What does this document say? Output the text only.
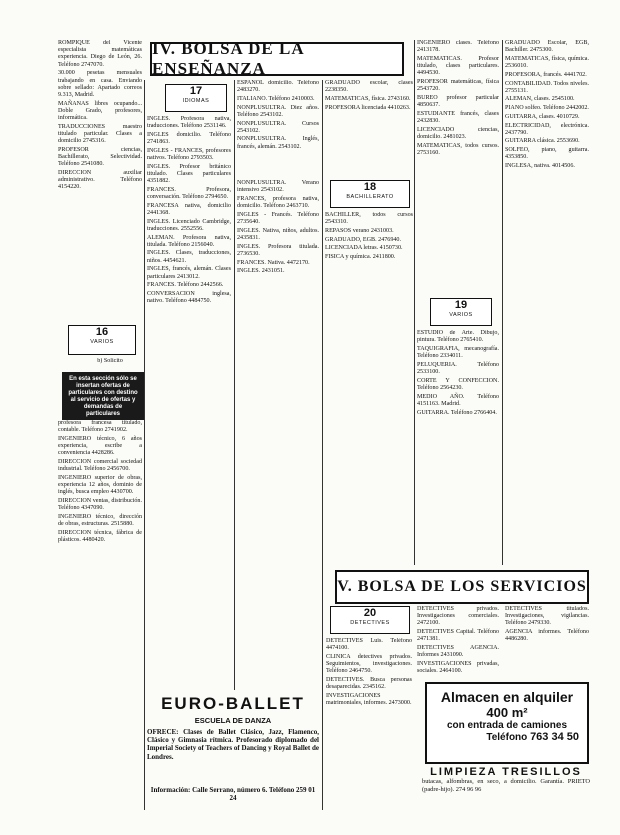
ROMPIQUE del Vicente especialista matemáticas experiencia. Diego de León, 26. Teléfono 2747070.

30.000 pesetas mensuales trabajando en casa. Enviando sobre sellado: Apartado correos 9.313, Madrid.

MAÑANAS libres ocupando... Doble Grado, profesores, informática.

TRADUCCIONES maestro titulado particular. Clases a domicilio 2745316.

PROFESOR ciencias, Bachillerato, Selectividad. Teléfono 2541080.

DIRECCION auxiliar administrativo. Teléfono 4154220.

16
VARIOS
b) Solicito
En esta sección sólo se insertan ofertas de particulares con destino al servicio de ofertas y demandas de particulares

profesora francesa titulado, contable. Teléfono 2741902.

INGENIERO técnico, 6 años experiencia, escribe a conveniencia 4428286.

DIRECCION comercial sociedad industrial. Teléfono 2456700.

INGENIERO superior de obras, experiencia 12 años, dominio de inglés, busca empleo 4430700.

DIRECCION ventas, distribución. Teléfono 4347090.

INGENIERO técnico, dirección de obras, estructuras. 2515880.

DIRECCION técnica, fábrica de plásticos. 4480420.

IV. BOLSA DE LA ENSEÑANZA
17
IDIOMAS

INGLES. Profesora nativa, traducciones. Teléfono 2531146.

INGLES domicilio. Teléfono 2741863.

INGLES - FRANCES, profesores nativos. Teléfono 2793503.

INGLES. Profesor británico titulado. Clases particulares 4351882.

FRANCES. Profesora, conversación. Teléfono 2794650.

FRANCESA nativa, domicilio 2441368.

INGLES. Licenciado Cambridge, traducciones. 2552556.

ALEMAN. Profesora nativa, titulada. Teléfono 2156040.

INGLES. Clases, traducciones, niños. 4454621.

INGLES, francés, alemán. Clases particulares 2413012.

FRANCES. Teléfono 2442566.

CONVERSACION inglesa, nativo. Teléfono 4484750.

ESPAÑOL domicilio. Teléfono 2483270.

ITALIANO. Teléfono 2410003.

NONPLUSULTRA. Diez años. Teléfono 2543102.

NONPLUSULTRA. Cursos 2543102.

NONPLUSULTRA. Inglés, francés, alemán. 2543102.

NONPLUSULTRA. Verano intensivo 2543102.

FRANCES, profesora nativa, domicilio. Teléfono 2463710.

INGLES - Francés. Teléfono 2735640.

INGLES. Nativa, niños, adultos. 2435831.

INGLES. Profesora titulada. 2736530.

FRANCES. Nativa. 4472170.

INGLES. 2431051.

18
BACHILLERATO

GRADUADO escolar, clases 2238350.

MATEMATICAS, física. 2743160.

PROFESORA licenciada 4410263.

BACHILLER, todos cursos 2543310.

REPASOS verano 2431003.

GRADUADO, EGB. 2476940.

LICENCIADA letras. 4150730.

FISICA y química. 2411800.

INGENIERO clases. Teléfono 2413178.

MATEMATICAS. Profesor titulado, clases particulares. 4494530.

PROFESOR matemáticas, física 2543720.

BUREO profesor particular 4850637.

ESTUDIANTE francés, clases 2432830.

LICENCIADO ciencias, domicilio. 2481023.

MATEMATICAS, todos cursos. 2753160.

19
VARIOS

ESTUDIO de Arte. Dibujo, pintura. Teléfono 2765410.

TAQUIGRAFIA, mecanografía. Teléfono 2334011.

PELUQUERIA. Teléfono 2533100.

CORTE Y CONFECCION. Teléfono 2564230.

MEDIO AÑO. Teléfono 4151163. Madrid.

GUITARRA. Teléfono 2766404.

GRADUADO Escolar, EGB, Bachiller. 2475300.

MATEMATICAS, física, química. 2536010.

PROFESORA, francés. 4441702.

CONTABILIDAD. Todos niveles. 2755131.

ALEMAN, clases. 2545100.

PIANO solfeo. Teléfono 2442002.

GUITARRA, clases. 4010729.

ELECTRICIDAD, electrónica. 2437790.

GUITARRA clásica. 2553690.

SOLFEO, piano, guitarra. 4353850.

INGLESA, nativa. 4014506.

V. BOLSA DE LOS SERVICIOS
20
DETECTIVES

DETECTIVES Luis. Teléfono 4474100.

CLINICA detectives privados. Seguimientos, investigaciones. Teléfono 2464750.

DETECTIVES. Busca personas desaparecidas. 2345162.

INVESTIGACIONES matrimoniales, informes. 2473000.

DETECTIVES privados. Investigaciones comerciales. 2472100.

DETECTIVES Capital. Teléfono 2471381.

DETECTIVES AGENCIA. Informes 2431090.

INVESTIGACIONES privadas, sociales. 2464100.

DETECTIVES titulados. Investigaciones, vigilancias. Teléfono 2479330.

AGENCIA informes. Teléfono 4486280.

Almacen en alquiler
400 m²
con entrada de camiones
Teléfono 763 34 50
LIMPIEZA TRESILLOS
butacas, alfombras, en seco, a domicilio. Garantía. PRIETO (padre-hijo). 274 96 96
EURO-BALLET
ESCUELA DE DANZA
OFRECE: Clases de Ballet Clásico, Jazz, Flamenco, Clásico y Gimnasia rítmica. Profesorado diplomado del Imperial Society of Teachers of Dancing y Royal Ballet de Londres.
Información: Calle Serrano, número 6. Teléfono 259 01 24
